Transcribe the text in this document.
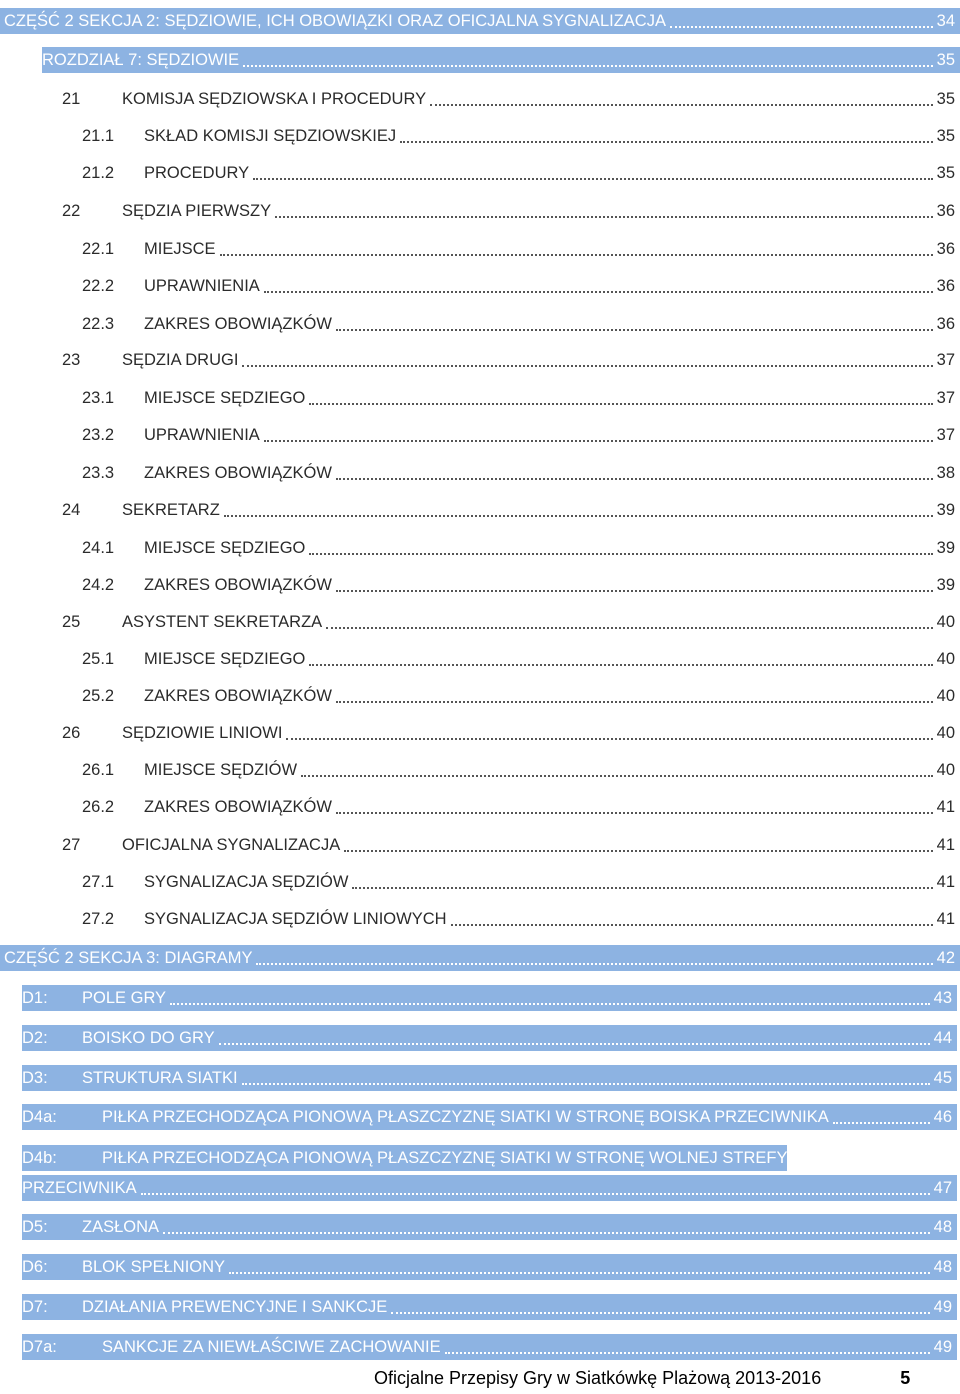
CZĘŚĆ 2 SEKCJA 2: SĘDZIOWIE, ICH OBOWIĄZKI ORAZ OFICJALNA SYGNALIZACJA	34
ROZDZIAŁ 7: SĘDZIOWIE	35
21	KOMISJA SĘDZIOWSKA I PROCEDURY	35
21.1	SKŁAD KOMISJI SĘDZIOWSKIEJ	35
21.2	PROCEDURY	35
22	SĘDZIA PIERWSZY	36
22.1	MIEJSCE	36
22.2	UPRAWNIENIA	36
22.3	ZAKRES OBOWIĄZKÓW	36
23	SĘDZIA DRUGI	37
23.1	MIEJSCE SĘDZIEGO	37
23.2	UPRAWNIENIA	37
23.3	ZAKRES OBOWIĄZKÓW	38
24	SEKRETARZ	39
24.1	MIEJSCE SĘDZIEGO	39
24.2	ZAKRES OBOWIĄZKÓW	39
25	ASYSTENT SEKRETARZA	40
25.1	MIEJSCE SĘDZIEGO	40
25.2	ZAKRES OBOWIĄZKÓW	40
26	SĘDZIOWIE LINIOWI	40
26.1	MIEJSCE SĘDZIÓW	40
26.2	ZAKRES OBOWIĄZKÓW	41
27	OFICJALNA SYGNALIZACJA	41
27.1	SYGNALIZACJA SĘDZIÓW	41
27.2	SYGNALIZACJA SĘDZIÓW LINIOWYCH	41
CZĘŚĆ 2 SEKCJA 3: DIAGRAMY	42
D1:	POLE GRY	43
D2:	BOISKO DO GRY	44
D3:	STRUKTURA SIATKI	45
D4a:	PIŁKA PRZECHODZĄCA PIONOWĄ PŁASZCZYZNĘ SIATKI W STRONĘ BOISKA PRZECIWNIKA	46
D4b:	PIŁKA PRZECHODZĄCA PIONOWĄ PŁASZCZYZNĘ SIATKI W STRONĘ WOLNEJ STREFY
PRZECIWNIKA	47
D5:	ZASŁONA	48
D6:	BLOK SPEŁNIONY	48
D7:	DZIAŁANIA PREWENCYJNE I SANKCJE	49
D7a:	SANKCJE ZA NIEWŁAŚCIWE ZACHOWANIE	49
Oficjalne Przepisy Gry w Siatkówkę Plażową 2013-2016	5
